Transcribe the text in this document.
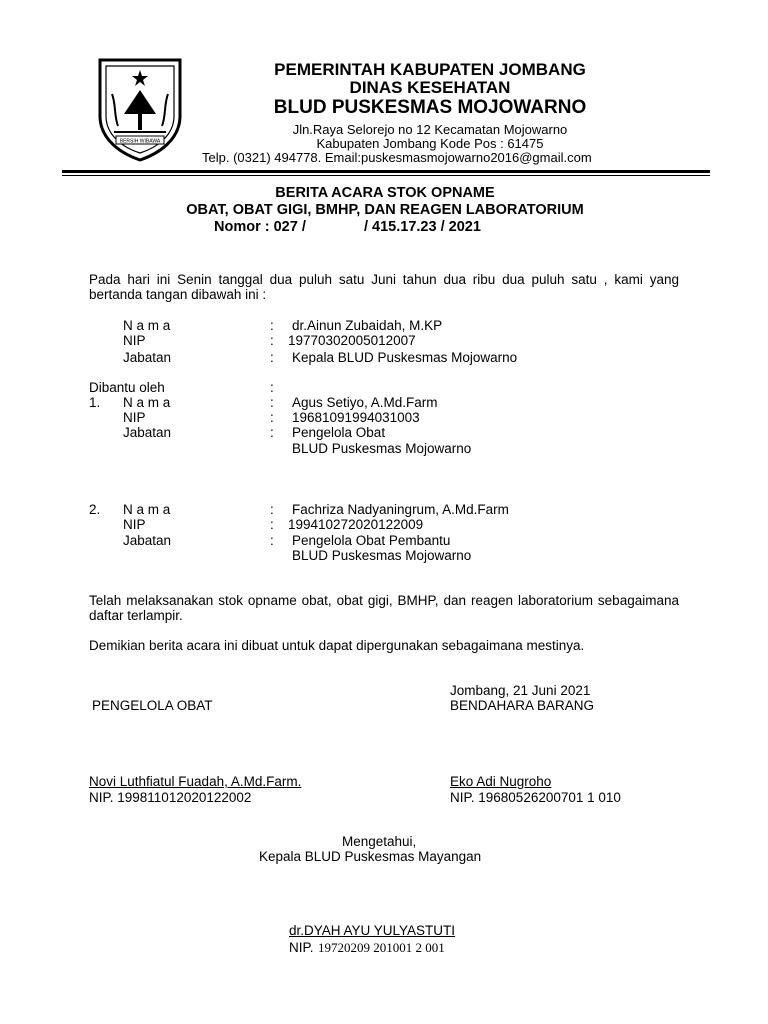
BERSIH WIBAWA
PEMERINTAH KABUPATEN JOMBANG
DINAS KESEHATAN
BLUD PUSKESMAS MOJOWARNO
Jln.Raya Selorejo no 12 Kecamatan Mojowarno
Kabupaten Jombang Kode Pos : 61475
Telp. (0321) 494778. Email:puskesmasmojowarno2016@gmail.com
BERITA ACARA STOK OPNAME
OBAT, OBAT GIGI, BMHP, DAN REAGEN LABORATORIUM
Nomor : 027 /	/ 415.17.23 / 2021
Pada hari ini Senin tanggal dua puluh satu Juni tahun dua ribu dua puluh satu , kami yang bertanda tangan dibawah ini :
N a m a	: dr.Ainun Zubaidah, M.KP
NIP	: 19770302005012007
Jabatan	: Kepala BLUD Puskesmas Mojowarno
Dibantu oleh	:
1. N a m a	: Agus Setiyo, A.Md.Farm
NIP	: 19681091994031003
Jabatan	: Pengelola Obat
BLUD Puskesmas Mojowarno
2. N a m a	: Fachriza Nadyaningrum, A.Md.Farm
NIP	: 199410272020122009
Jabatan	: Pengelola Obat Pembantu
BLUD Puskesmas Mojowarno
Telah melaksanakan stok opname obat, obat gigi, BMHP, dan reagen laboratorium sebagaimana daftar terlampir.
Demikian berita acara ini dibuat untuk dapat dipergunakan sebagaimana mestinya.
Jombang, 21 Juni 2021
PENGELOLA OBAT	BENDAHARA BARANG
Novi Luthfiatul Fuadah, A.Md.Farm.
NIP. 199811012020122002
Eko Adi Nugroho
NIP. 19680526200701 1 010
Mengetahui,
Kepala BLUD Puskesmas Mayangan
dr.DYAH AYU YULYASTUTI
NIP. 19720209 201001 2 001
